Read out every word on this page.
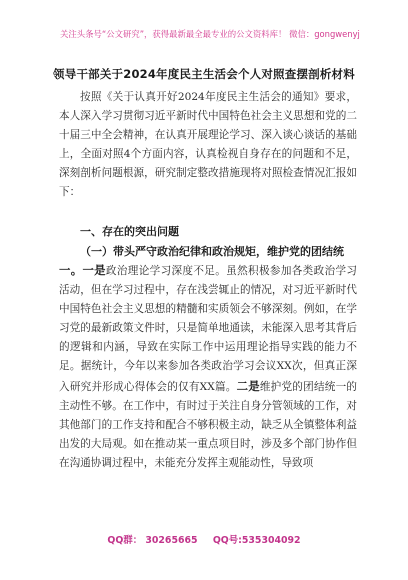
关注头条号“公文研究”，获得最新最全最专业的公文资料库！ 微信：gongwenyj
领导干部关于2024年度民主生活会个人对照查摆剖析材料
按照《关于认真开好2024年度民主生活会的通知》要求，本人深入学习贯彻习近平新时代中国特色社会主义思想和党的二十届三中全会精神，在认真开展理论学习、深入谈心谈话的基础上，全面对照4个方面内容，认真检视自身存在的问题和不足，深刻剖析问题根源，研究制定整改措施现将对照检查情况汇报如下：
一、存在的突出问题
（一）带头严守政治纪律和政治规矩，维护党的团结统
一。一是政治理论学习深度不足。虽然积极参加各类政治学习活动，但在学习过程中，存在浅尝辄止的情况，对习近平新时代中国特色社会主义思想的精髓和实质领会不够深刻。例如，在学习党的最新政策文件时，只是简单地通读，未能深入思考其背后的逻辑和内涵，导致在实际工作中运用理论指导实践的能力不足。据统计，今年以来参加各类政治学习会议XX次，但真正深入研究并形成心得体会的仅有XX篇。二是维护党的团结统一的主动性不够。在工作中，有时过于关注自身分管领域的工作，对其他部门的工作支持和配合不够积极主动，缺乏从全镇整体利益出发的大局观。如在推动某一重点项目时，涉及多个部门协作但在沟通协调过程中，未能充分发挥主观能动性，导致项
QQ群： 30265665 QQ号:535304092
